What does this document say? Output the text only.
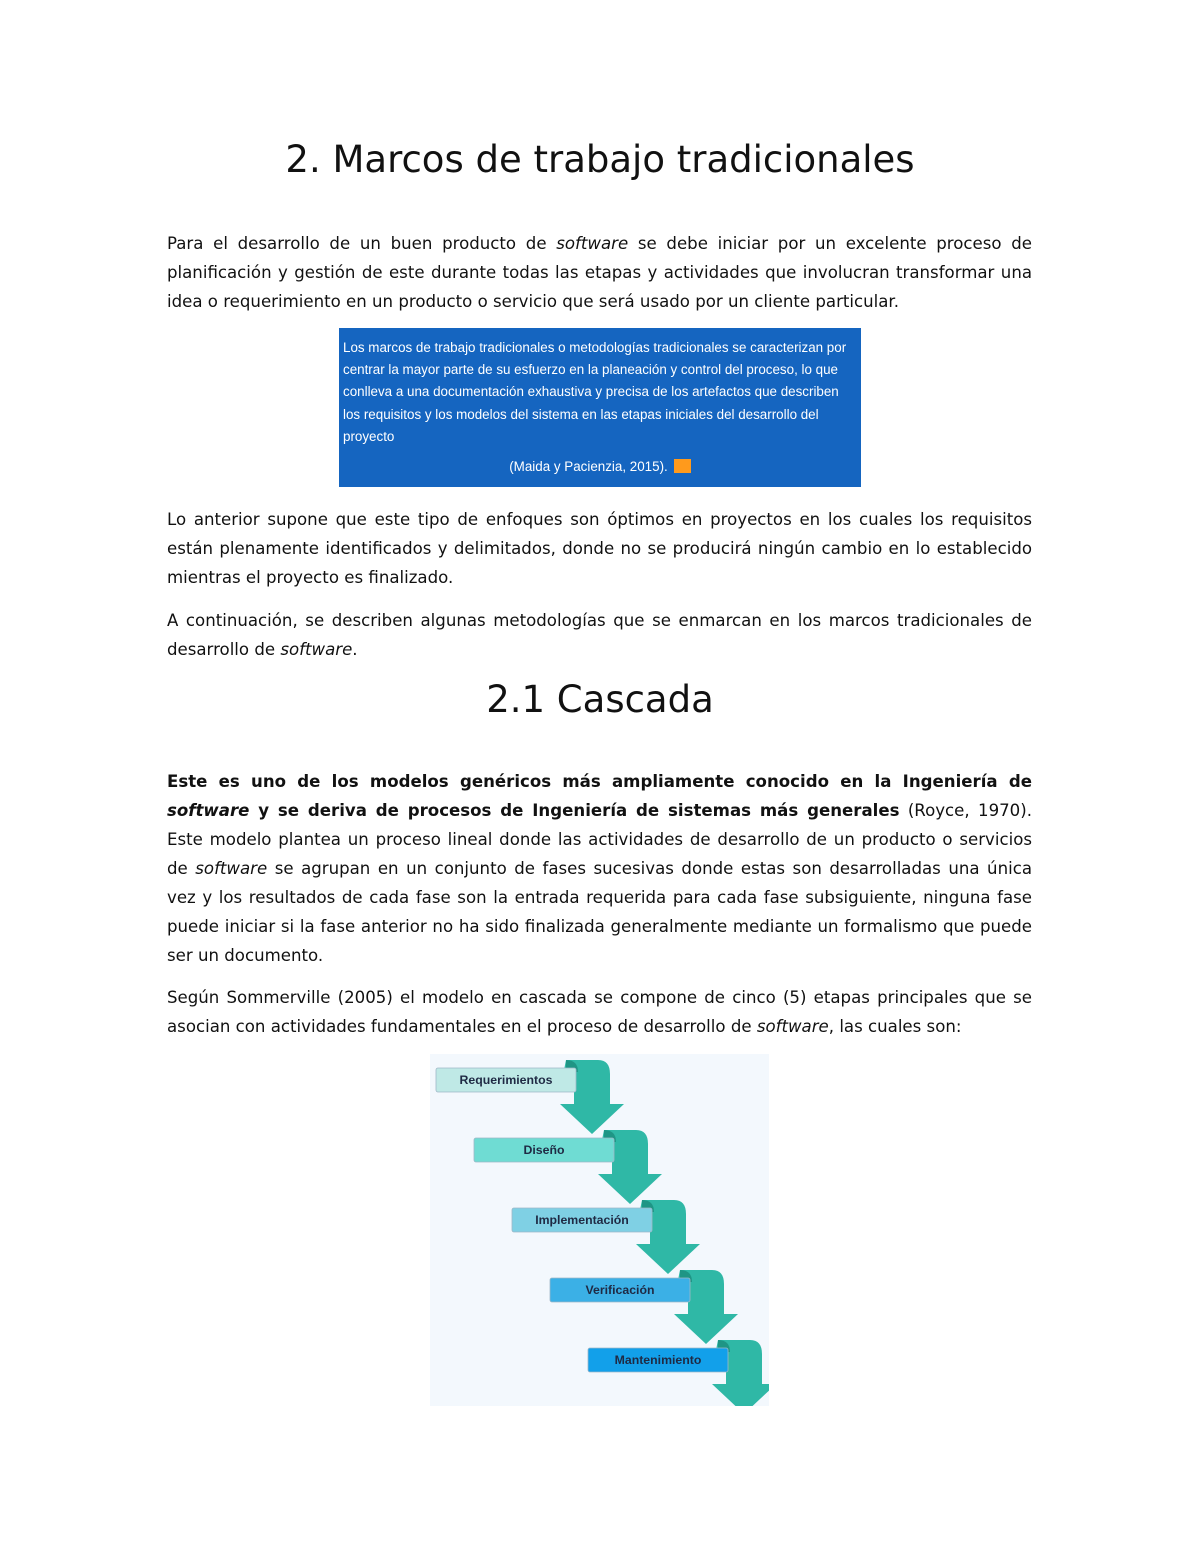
2. Marcos de trabajo tradicionales

Para el desarrollo de un buen producto de software se debe iniciar por un excelente proceso de planificación y gestión de este durante todas las etapas y actividades que involucran transformar una idea o requerimiento en un producto o servicio que será usado por un cliente particular.

Los marcos de trabajo tradicionales o metodologías tradicionales se caracterizan por centrar la mayor parte de su esfuerzo en la planeación y control del proceso, lo que conlleva a una documentación exhaustiva y precisa de los artefactos que describen los requisitos y los modelos del sistema en las etapas iniciales del desarrollo del proyecto

(Maida y Pacienzia, 2015).

Lo anterior supone que este tipo de enfoques son óptimos en proyectos en los cuales los requisitos están plenamente identificados y delimitados, donde no se producirá ningún cambio en lo establecido mientras el proyecto es finalizado.

A continuación, se describen algunas metodologías que se enmarcan en los marcos tradicionales de desarrollo de software.

2.1 Cascada

Este es uno de los modelos genéricos más ampliamente conocido en la Ingeniería de software y se deriva de procesos de Ingeniería de sistemas más generales (Royce, 1970). Este modelo plantea un proceso lineal donde las actividades de desarrollo de un producto o servicios de software se agrupan en un conjunto de fases sucesivas donde estas son desarrolladas una única vez y los resultados de cada fase son la entrada requerida para cada fase subsiguiente, ninguna fase puede iniciar si la fase anterior no ha sido finalizada generalmente mediante un formalismo que puede ser un documento.

Según Sommerville (2005) el modelo en cascada se compone de cinco (5) etapas principales que se asocian con actividades fundamentales en el proceso de desarrollo de software, las cuales son:

Requerimientos
Diseño
Implementación
Verificación
Mantenimiento
